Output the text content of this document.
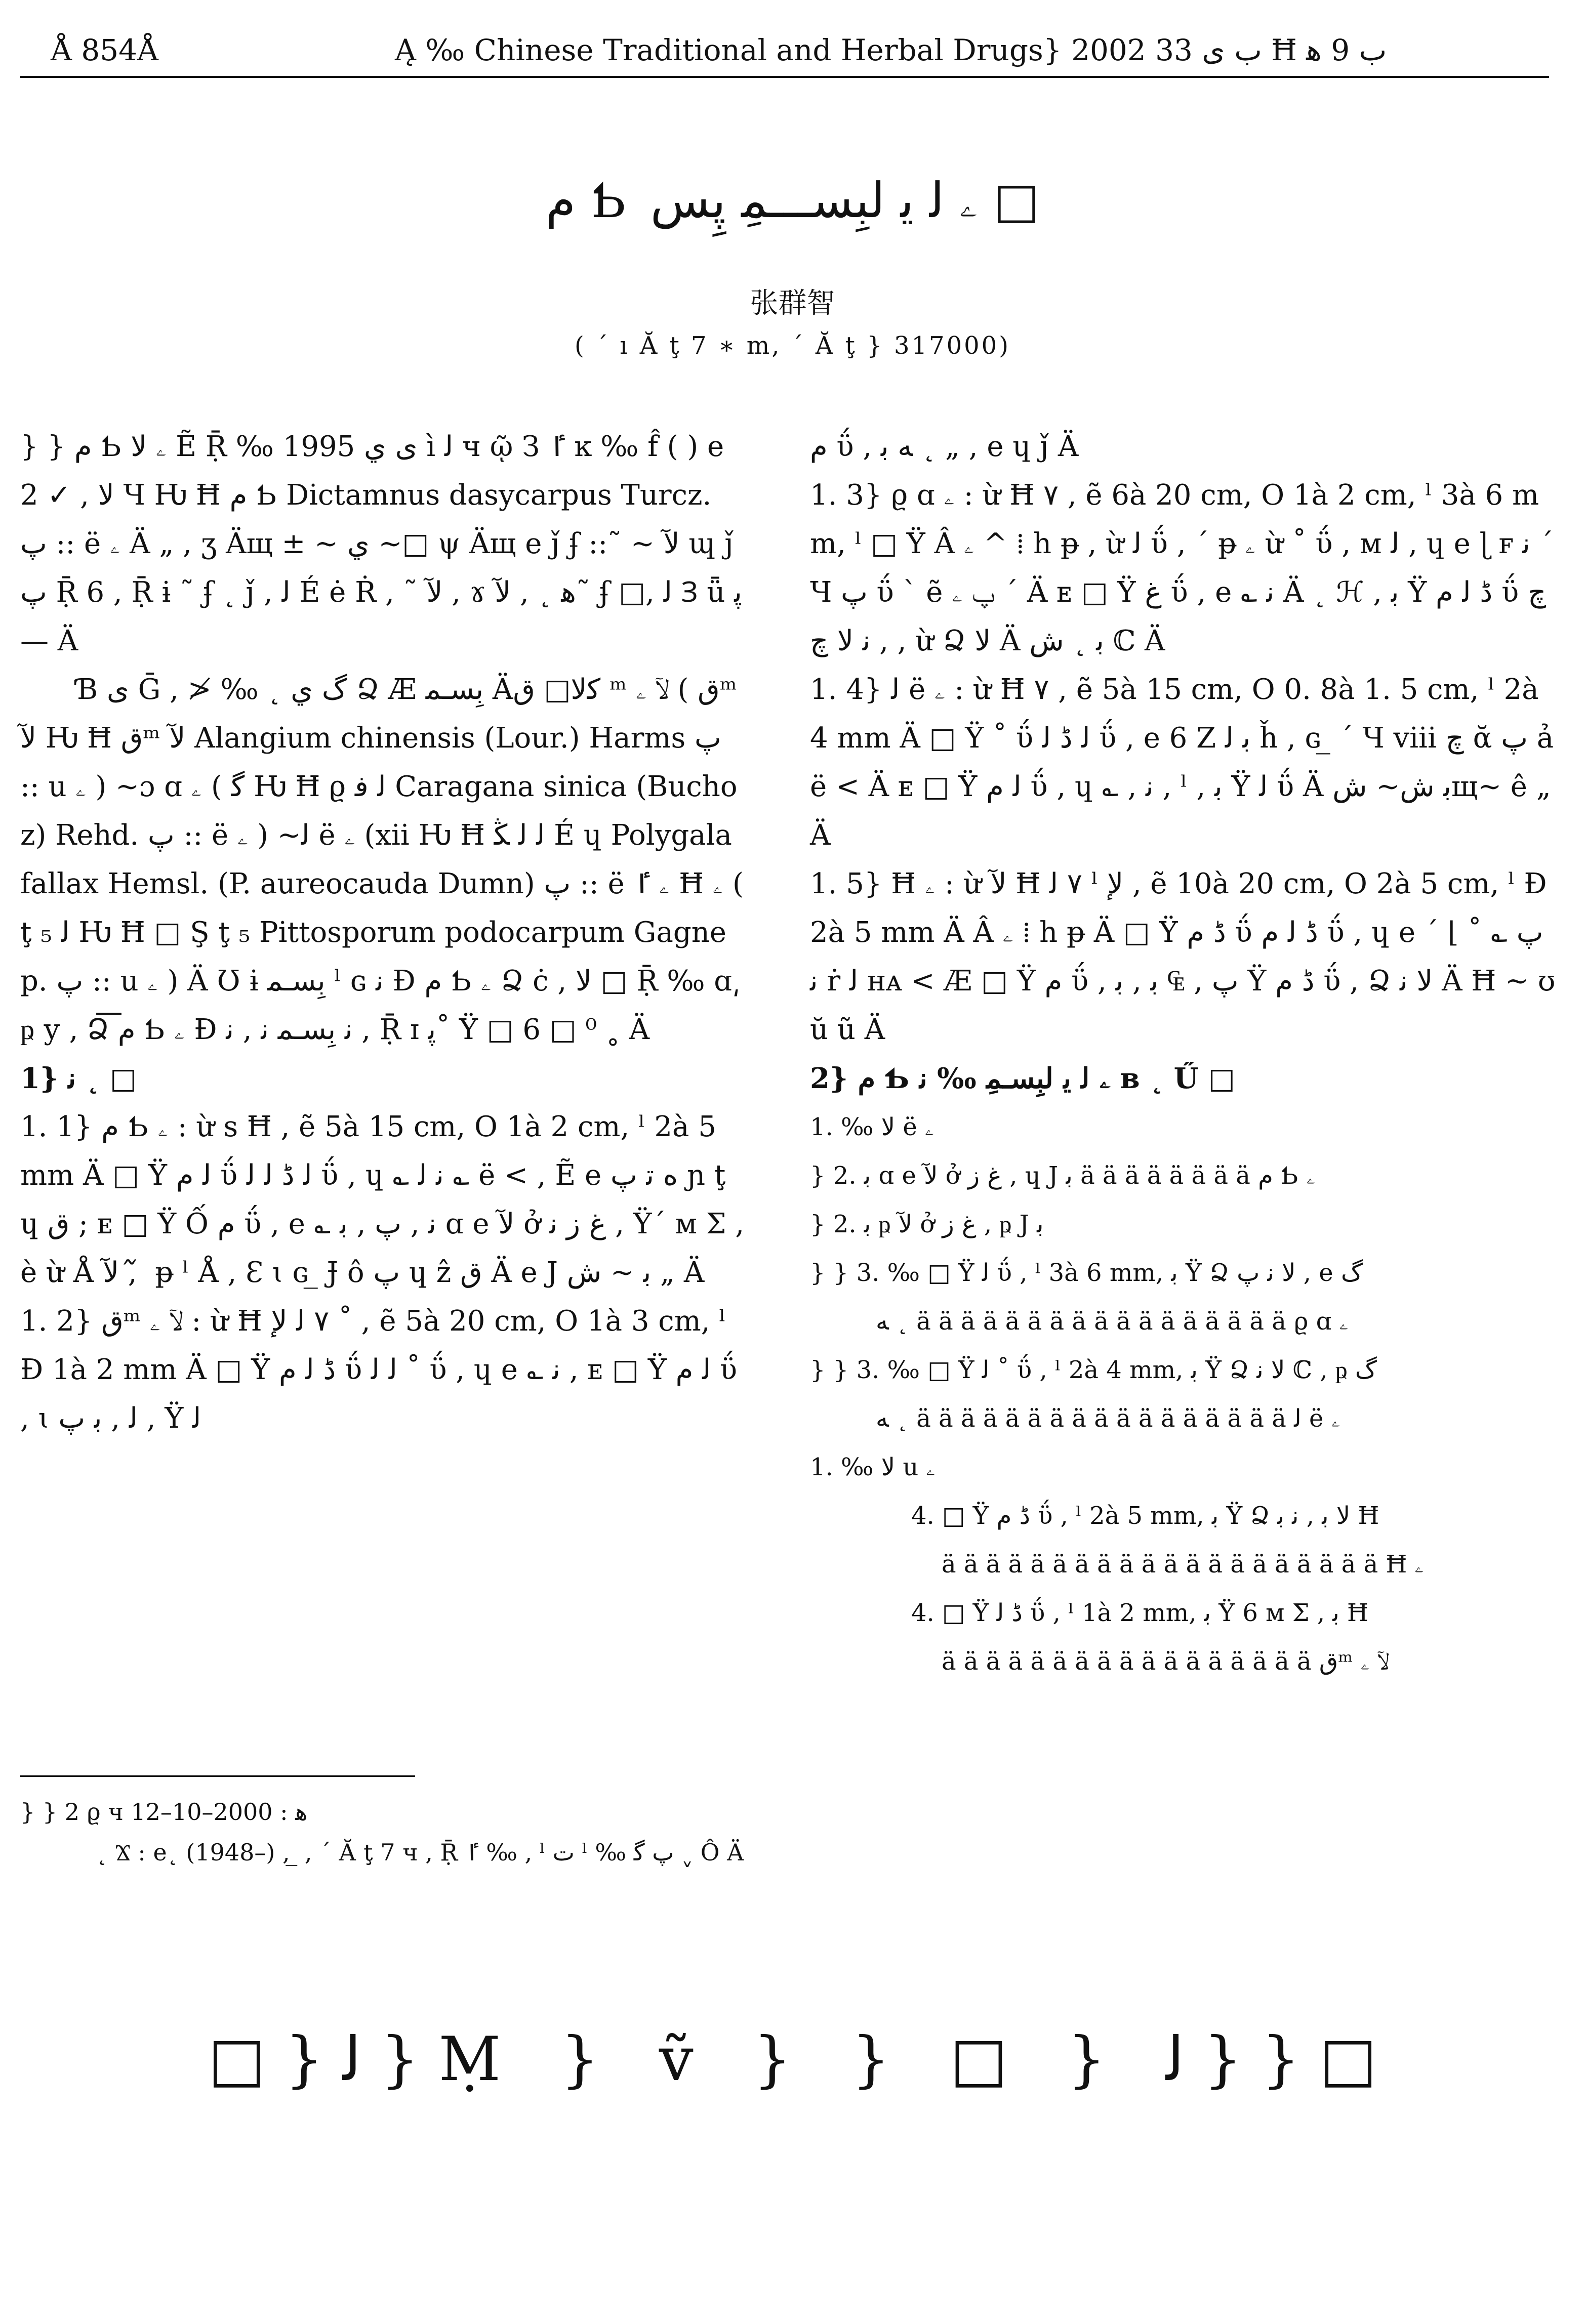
Å 854Å	Ą ‰ Chinese Traditional and Herbal Drugs} 2002 ب ى 33 Ħ ب 9 ﻫ
م Ƅ ۦ ﻟ ﻳ ﻟﺒِﺴـــﻤِ ﭘِﺲ □
张群智
( ´ ı Ӑ ţ 7 ∗ m, ´ Ӑ ţ } 317000)

} } م Ƅ ۦ ﻻ Ẽ Ṝ ‰ 1995 ى ﻱ ì ﻟ ч ῷ З ٵ ĸ ‰ f̂ ( ) e 2 ✓ , ﻻ Ч Ƕ Ħ م Ƅ Dictamnus dasycarpus Turcz. ﭖ :: ë ۦ Ä „ , ʒ Äщ ± ~ ﻱ ~□ ψ Äщ e ǰ ʄ ::˜ ~ ﻵ ɰ ǰ ﭖ Ṝ 6 , Ṝ ɨ ˜ ʄ ˛ ǰ , ﻟ É ė Ṙ , ˜ ﻵ , ɤ ﻫ ˛ , ﻵ˜ ʄ □, ﻟ Ɜ ǖ ﭘ— Ä

Ɓ ى Ḡ , ≯ ‰ ˛ ﮒ ﻱ Ձ Æ ﺑِﺴـﻤ Äﮐﻻ□ ﻕ ᵐ ﻵ ۦ ( ﻕᵐ ﻵ Ƕ Ħ ﻕᵐ ﻵ Alangium chinensis (Lour.) Harms ﭖ :: ս ۦ ) ~ɔ ɑ ۦ ( ﮔ Ƕ Ħ ϱ ﻟ ﻓ Caragana sinica (Buchoz) Rehd. ﭖ :: ë ۦ ) ~ﻟ ë ۦ (xii Ƕ Ħ ﻟ ﻟ ﯖ É ɥ Polygala fallax Hemsl. (P. aureocauda Dumn) ﭖ :: ë ۦ ٵ Ħ ۦ ( ţ ₅ ﻟ Ƕ Ħ □ Ş ţ ₅ Pittosporum podocarpum Gagnep. ﭖ :: ս ۦ ) Ä Ʊ ɨ ﺑِﺴـﻤ ˡ ɢ ﻧ Ɖ م Ƅ ۦ Ձ ċ , ﻻ □ Ṝ ‰ ɑ͵ ҏ у , Ձ͞ م Ƅ ۦ Ɖ ﻧ ﺑِﺴـﻤ ﻧ , ﻧ , Ṝ ɪ ﭘ˚ Ÿ □ 6 □ ⁰ ˳ Ä

1} ﻧ ˛ □

1. 1} م Ƅ ۦ : ừ s Ħ , ẽ 5à 15 cm, O 1à 2 cm, ˡ 2à 5 mm Ä □ Ÿ ﻟ م ΰ ﻟ ﮈ ﻟ ﻟ ΰ , ɥ ؎ ﻧ ﻟ ؎ ë < , Ẽ e ﻩ ﺗ ﭖ ɲ ţ ɥ ﻕ ; ᴇ □ Ÿ Ố م ΰ , e ؎ ﻧ , ﭖ , ﺑ ɑ e ﻵ ở ﻍ ﺯ ﻧ , Ÿ´ ᴍ Σ , è ừ Å ﻵ , ᷉ ᵽ ˡ Å , Ɛ ɩ ɢ ̲ Ɉ ô ﭖ ɥ ẑ ﻕ Ä e Ј ﺑ ~ ﺵ „ Ä

1. 2} ﻕᵐ ﻵ ۦ : ừ Ħ ٧ ﻟ ﻹ ˚ , ẽ 5à 20 cm, O 1à 3 cm, ˡ Ɖ 1à 2 mm Ä □ Ÿ ﮈ ﻟ م ΰ ﻟ ﻟ ˚ ΰ , ɥ e ؎ ﻧ , ᴇ □ Ÿ ﻟ م ΰ , ɩ ﻟ , ﺑ ﭖ , Ÿ ﻟ

م ΰ , ﻪ ﺑ ˛ „ , e ɥ ǰ Ä

1. 3} ϱ ɑ ۦ : ừ Ħ ٧ , ẽ 6à 20 cm, O 1à 2 cm, ˡ 3à 6 mm, ˡ □ Ÿ Â ۦ ^ ⁞ h ᵽ , ừ ﻟ ΰ , ´ ᵽ ۦ ừ ˚ ΰ , ᴍ ﻟ , ɥ e ɭ ꜰ ﻧ ´ Ч ﭖ ΰ ` ẽ ﭖ ۦ ´ Ä ᴇ □ Ÿ ﻍ ΰ , e ؎ ﻧ Ä ˛ ℋ , ﺑ Ÿ ﮈ ﻟ م ΰ ﭺ , ﻧ ﻻ ﭺ , ừ Ձ ﻻ Ä ﺑ ˛ ﺵ ℂ Ä

1. 4} ﻟ ë ۦ : ừ Ħ ٧ , ẽ 5à 15 cm, O 0. 8à 1. 5 cm, ˡ 2à 4 mm Ä □ Ÿ ˚ ΰ ﻟ ﮈ ﻟ ΰ , e 6 Ζ ﺑ ﻟ ȟ , ɢ ̲ ´ Ч viii ﭺ ᾰ ﭖ ả ë < Ä ᴇ □ Ÿ ﻟ م ΰ , ɥ ؎ , ﻧ , ˡ , ﺑ Ÿ ﻟ ΰ Ä ﺑ ﺵ~ ﺵщ~ ê „ Ä

1. 5} Ħ ۦ : ừ ﻵ Ħ ٧ ﻟ ˡ ﻹ , ẽ 10à 20 cm, O 2à 5 cm, ˡ Ɖ 2à 5 mm Ä Â ۦ ⁞ h ᵽ Ä □ Ÿ ﮈ م ΰ ﮈ ﻟ م ΰ , ɥ e ´ ⌊ ˚ ﭖ ؎ ﻧ ṙ ﻟ ʜᴀ < Æ □ Ÿ م ΰ , ﭖ , ₠ ﺑ , ﺑ Ÿ ﮈ م ΰ , Ձ ﻻ ﻧ Ä Ħ ~ ʊ ŭ ũ Ä

2} م Ƅ ۦ ﻟ ﻳ ﻟﺒِﺴـﻤِ ‰ ﻧ ʙ ˛ Ű □

1. ‰ ﻻ ë ۦ

} 2. ﺑ ɑ e ﻵ ở ﻍ ﺯ , ɥ Ј ﺑ ä ä ä ä ä ä ä ä م Ƅ ۦ

} 2. ﺑ ҏ ﻵ ở ﻍ ﺯ , ҏ Ј ﺑ

} } 3. ‰ □ Ÿ ﻟ ΰ , ˡ 3à 6 mm, ﺑ Ÿ Ձ ﻻ ﻧ ﭖ , e ﮒ

ﻪ ˛ ä ä ä ä ä ä ä ä ä ä ä ä ä ä ä ä ä ϱ ɑ ۦ

} } 3. ‰ □ Ÿ ﻟ ˚ ΰ , ˡ 2à 4 mm, ﺑ Ÿ Ձ ﻻ ﻧ ℂ , ҏ ﮒ

ﻪ ˛ ä ä ä ä ä ä ä ä ä ä ä ä ä ä ä ä ä ﻟ ë ۦ

1. ‰ ﻻ ս ۦ

4. □ Ÿ ﮈ م ΰ , ˡ 2à 5 mm, ﺑ Ÿ Ձ ﻻ ﺑ , ﻧ ﺑ Ħ

ä ä ä ä ä ä ä ä ä ä ä ä ä ä ä ä ä ä ä ä Ħ ۦ

4. □ Ÿ ﮈ ﻟ ΰ , ˡ 1à 2 mm, ﺑ Ÿ 6 ᴍ Σ , ﺑ Ħ

ä ä ä ä ä ä ä ä ä ä ä ä ä ä ä ä ä ﻕᵐ ﻵ ۦ

} } 2 ϱ ч ﻫ : 2000–10–12
˛ Ϫ : e˛ (1948–) , ̲ , ´ Ӑ ţ 7 ч , Ṝ ٵ ‰ , ˡ ﺕ ˡ ‰ ﭖ ﮔ ˬ Ô Ä
□ } ﻟ } Ṃ } ṽ } } □ } ﻟ } } □
